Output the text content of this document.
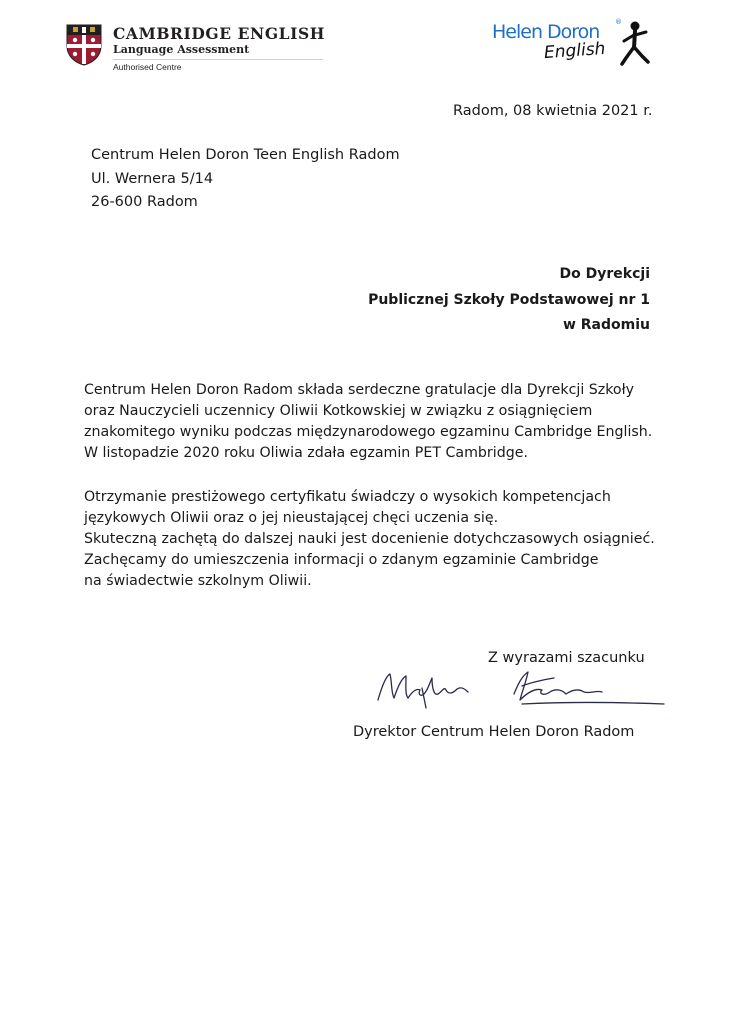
CAMBRIDGE ENGLISH
Language Assessment
Authorised Centre
Helen Doron ®
English
Radom, 08 kwietnia 2021 r.
Centrum Helen Doron Teen English Radom
Ul. Wernera 5/14
26-600 Radom
Do Dyrekcji
Publicznej Szkoły Podstawowej nr 1
w Radomiu
Centrum Helen Doron Radom składa serdeczne gratulacje dla Dyrekcji Szkoły
oraz Nauczycieli uczennicy Oliwii Kotkowskiej w związku z osiągnięciem
znakomitego wyniku podczas międzynarodowego egzaminu Cambridge English.
W listopadzie 2020 roku Oliwia zdała egzamin PET Cambridge.
Otrzymanie prestiżowego certyfikatu świadczy o wysokich kompetencjach
językowych Oliwii oraz o jej nieustającej chęci uczenia się.
Skuteczną zachętą do dalszej nauki jest docenienie dotychczasowych osiągnieć.
Zachęcamy do umieszczenia informacji o zdanym egzaminie Cambridge
na świadectwie szkolnym Oliwii.
Z wyrazami szacunku
Dyrektor Centrum Helen Doron Radom
